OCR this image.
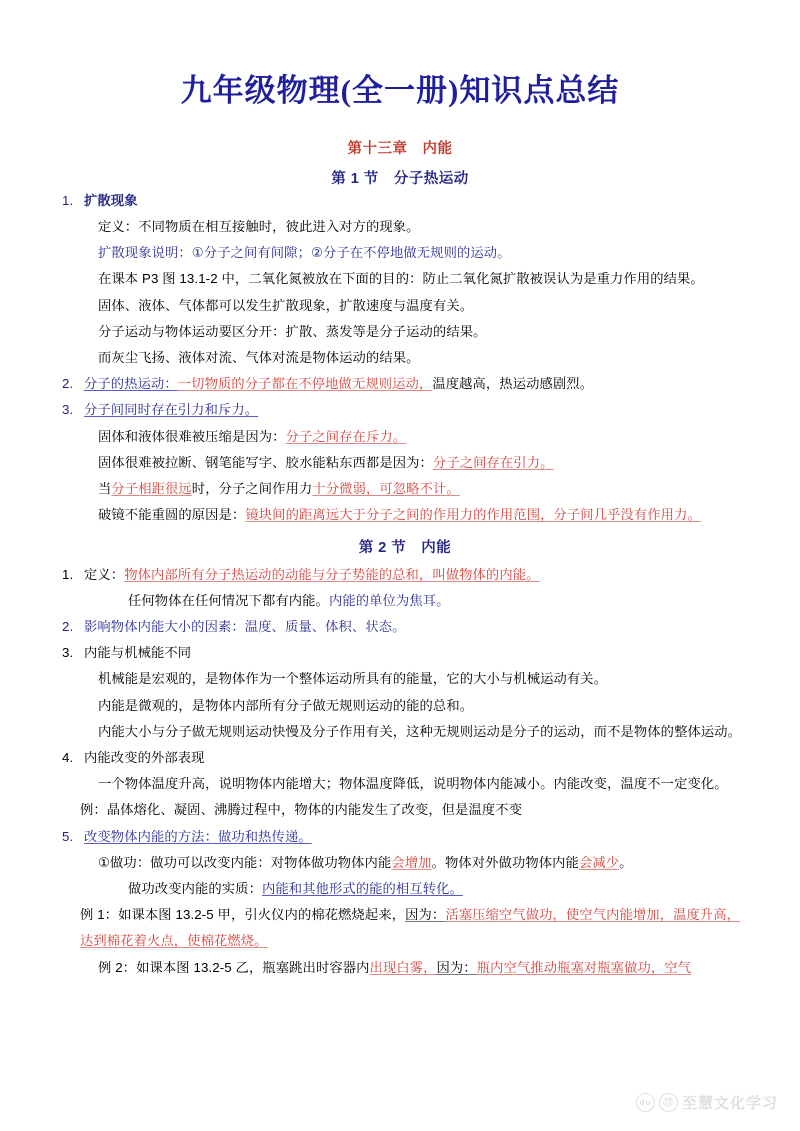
九年级物理(全一册)知识点总结
第十三章　内能
第 1 节　分子热运动
1. 扩散现象
定义：不同物质在相互接触时，彼此进入对方的现象。
扩散现象说明：①分子之间有间隙；②分子在不停地做无规则的运动。
在课本 P3 图 13.1-2 中，二氧化氮被放在下面的目的：防止二氧化氮扩散被误认为是重力作用的结果。
固体、液体、气体都可以发生扩散现象，扩散速度与温度有关。
分子运动与物体运动要区分开：扩散、蒸发等是分子运动的结果。
而灰尘飞扬、液体对流、气体对流是物体运动的结果。
2. 分子的热运动：一切物质的分子都在不停地做无规则运动，温度越高，热运动感剧烈。
3. 分子间同时存在引力和斥力。
固体和液体很难被压缩是因为：分子之间存在斥力。
固体很难被拉断、钢笔能写字、胶水能粘东西都是因为：分子之间存在引力。
当分子相距很远时，分子之间作用力十分微弱，可忽略不计。
破镜不能重圆的原因是：镜块间的距离远大于分子之间的作用力的作用范围，分子间几乎没有作用力。
第 2 节　内能
1. 定义：物体内部所有分子热运动的动能与分子势能的总和，叫做物体的内能。
任何物体在任何情况下都有内能。内能的单位为焦耳。
2. 影响物体内能大小的因素：温度、质量、体积、状态。
3. 内能与机械能不同
机械能是宏观的，是物体作为一个整体运动所具有的能量，它的大小与机械运动有关。
内能是微观的，是物体内部所有分子做无规则运动的能的总和。
内能大小与分子做无规则运动快慢及分子作用有关，这种无规则运动是分子的运动，而不是物体的整体运动。
4. 内能改变的外部表现
一个物体温度升高，说明物体内能增大；物体温度降低，说明物体内能减小。内能改变，温度不一定变化。例：晶体熔化、凝固、沸腾过程中，物体的内能发生了改变，但是温度不变
5. 改变物体内能的方法：做功和热传递。
①做功：做功可以改变内能：对物体做功物体内能会增加。物体对外做功物体内能会减少。
做功改变内能的实质：内能和其他形式的能的相互转化。
例 1：如课本图 13.2-5 甲，引火仪内的棉花燃烧起来，因为：活塞压缩空气做功，使空气内能增加，温度升高，达到棉花着火点，使棉花燃烧。
例 2：如课本图 13.2-5 乙，瓶塞跳出时容器内出现白雾，因为：瓶内空气推动瓶塞对瓶塞做功，空气
du	@ 至慧文化学习
